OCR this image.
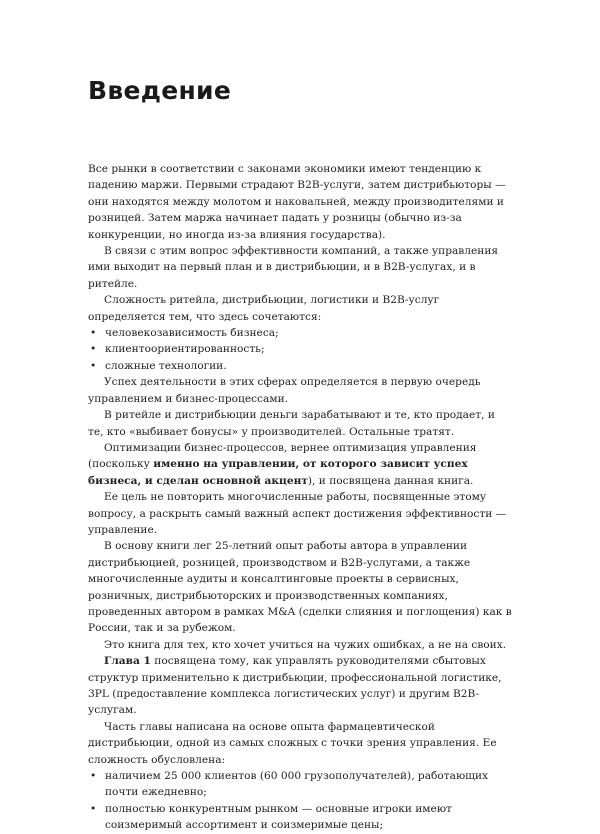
Введение

Все рынки в соответствии с законами экономики имеют тенденцию к падению маржи. Первыми страдают B2B-услуги, затем дистрибьюторы — они находятся между молотом и наковальней, между производителями и розницей. Затем маржа начинает падать у розницы (обычно из-за конкуренции, но иногда из-за влияния государства).

В связи с этим вопрос эффективности компаний, а также управления ими выходит на первый план и в дистрибьюции, и в B2B-услугах, и в ритейле.

Сложность ритейла, дистрибьюции, логистики и B2B-услуг определяется тем, что здесь сочетаются:

• человекозависимость бизнеса;
• клиентоориентированность;
• сложные технологии.

Успех деятельности в этих сферах определяется в первую очередь управлением и бизнес-процессами.

В ритейле и дистрибьюции деньги зарабатывают и те, кто продает, и те, кто «выбивает бонусы» у производителей. Остальные тратят.

Оптимизации бизнес-процессов, вернее оптимизация управления (поскольку именно на управлении, от которого зависит успех бизнеса, и сделан основной акцент), и посвящена данная книга.

Ее цель не повторить многочисленные работы, посвященные этому вопросу, а раскрыть самый важный аспект достижения эффективности — управление.

В основу книги лег 25-летний опыт работы автора в управлении дистрибьюцией, розницей, производством и B2B-услугами, а также многочисленные аудиты и консалтинговые проекты в сервисных, розничных, дистрибьюторских и производственных компаниях, проведенных автором в рамках M&A (сделки слияния и поглощения) как в России, так и за рубежом.

Это книга для тех, кто хочет учиться на чужих ошибках, а не на своих.

Глава 1 посвящена тому, как управлять руководителями сбытовых структур применительно к дистрибьюции, профессиональной логистике, 3PL (предоставление комплекса логистических услуг) и другим B2B-услугам.

Часть главы написана на основе опыта фармацевтической дистрибьюции, одной из самых сложных с точки зрения управления. Ее сложность обусловлена:

• наличием 25 000 клиентов (60 000 грузополучателей), работающих почти ежедневно;
• полностью конкурентным рынком — основные игроки имеют соизмеримый ассортимент и соизмеримые цены;
